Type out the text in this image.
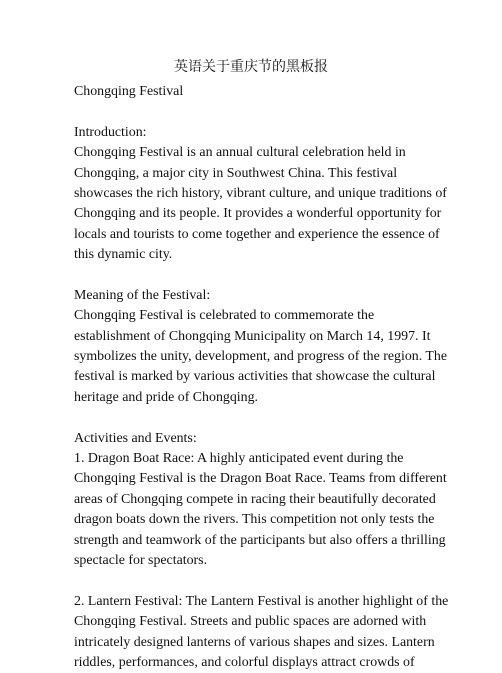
英语关于重庆节的黑板报
Chongqing Festival
Introduction:
Chongqing Festival is an annual cultural celebration held in
Chongqing, a major city in Southwest China. This festival
showcases the rich history, vibrant culture, and unique traditions of
Chongqing and its people. It provides a wonderful opportunity for
locals and tourists to come together and experience the essence of
this dynamic city.
Meaning of the Festival:
Chongqing Festival is celebrated to commemorate the
establishment of Chongqing Municipality on March 14, 1997. It
symbolizes the unity, development, and progress of the region. The
festival is marked by various activities that showcase the cultural
heritage and pride of Chongqing.
Activities and Events:
1. Dragon Boat Race: A highly anticipated event during the
Chongqing Festival is the Dragon Boat Race. Teams from different
areas of Chongqing compete in racing their beautifully decorated
dragon boats down the rivers. This competition not only tests the
strength and teamwork of the participants but also offers a thrilling
spectacle for spectators.
2. Lantern Festival: The Lantern Festival is another highlight of the
Chongqing Festival. Streets and public spaces are adorned with
intricately designed lanterns of various shapes and sizes. Lantern
riddles, performances, and colorful displays attract crowds of
